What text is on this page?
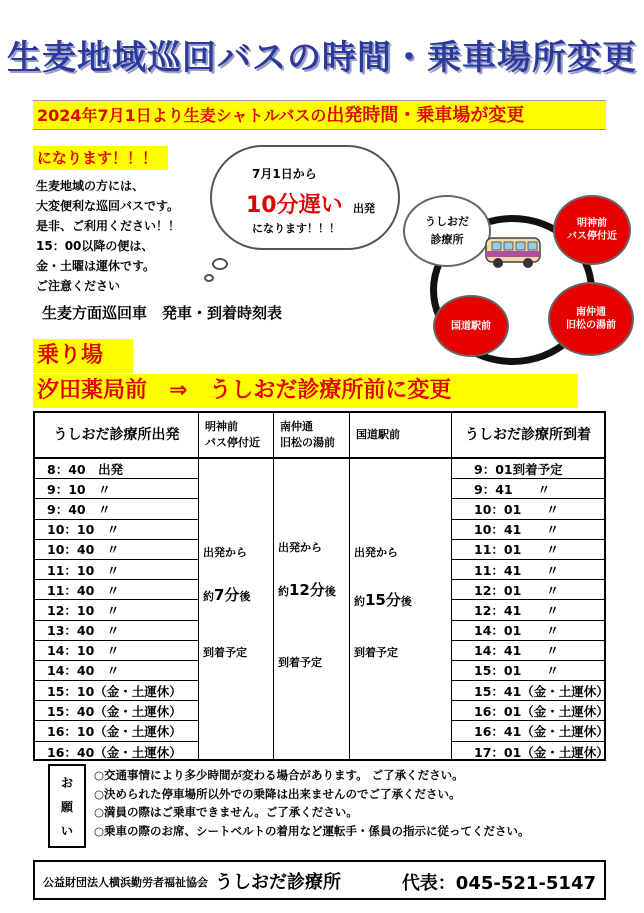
生麦地域巡回バスの時間・乗車場所変更
2024年7月1日より生麦シャトルバスの出発時間・乗車場が変更
になります！！！
生麦地域の方には、
大変便利な巡回バスです。
是非、ご利用ください！！
15：00以降の便は、
金・土曜は運休です。
ご注意ください
7月1日から
10分遅い 出発
になります！！！
うしおだ
診療所
明神前
バス停付近
国道駅前
南仲通
旧松の湯前
生麦方面巡回車　発車・到着時刻表
乗り場
汐田薬局前　⇒　うしおだ診療所前に変更
うしおだ診療所出発
8：40　出発
9：10　〃
9：40　〃
10：10　〃
10：40　〃
11：10　〃
11：40　〃
12：10　〃
13：40　〃
14：10　〃
14：40　〃
15：10（金・土運休）
15：40（金・土運休）
16：10（金・土運休）
16：40（金・土運休）
明神前
バス停付近
出発から
約7分後
到着予定
南仲通
旧松の湯前
出発から
約12分後
到着予定
国道駅前
出発から
約15分後
到着予定
うしおだ診療所到着
9：01到着予定
9：41　　〃
10：01　　〃
10：41　　〃
11：01　　〃
11：41　　〃
12：01　　〃
12：41　　〃
14：01　　〃
14：41　　〃
15：01　　〃
15：41（金・土運休）
16：01（金・土運休）
16：41（金・土運休）
17：01（金・土運休）
お
願
い
○交通事情により多少時間が変わる場合があります。 ご了承ください。
○決められた停車場所以外での乗降は出来ませんのでご了承ください。
○満員の際はご乗車できません。ご了承ください。
○乗車の際のお席、シートベルトの着用など運転手・係員の指示に従ってください。
公益財団法人横浜勤労者福祉協会 うしおだ診療所	代表：045-521-5147
